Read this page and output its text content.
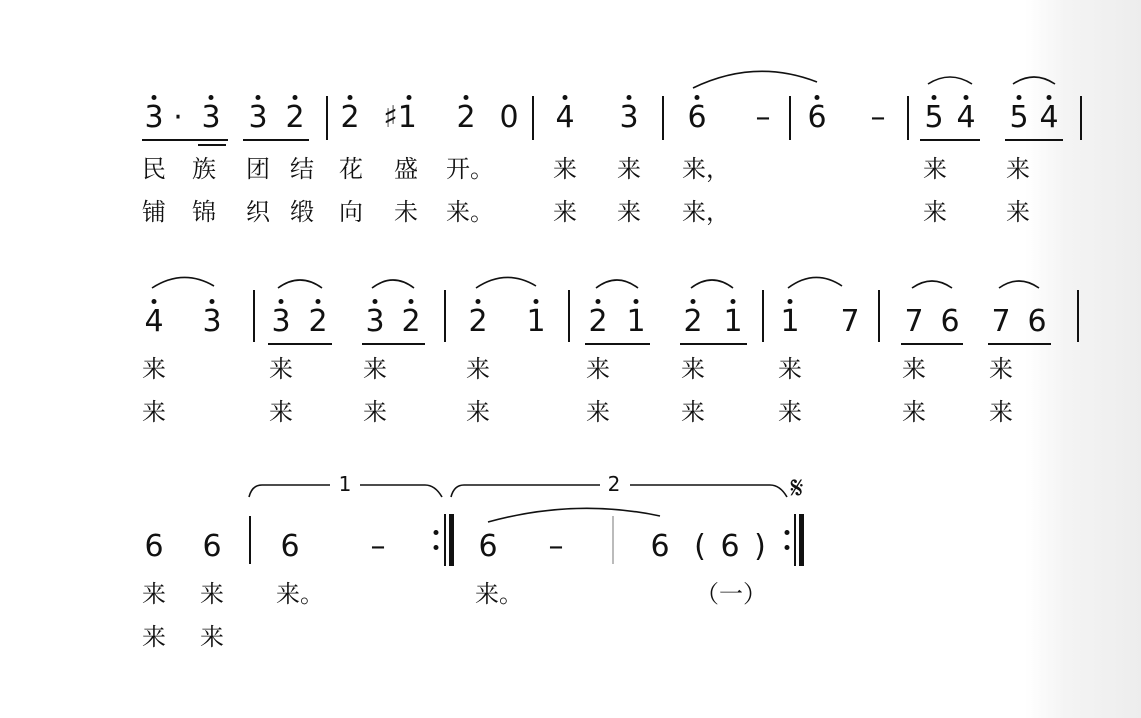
3 · 3 3 2 2 ♯1 2 0 4 3 6 – 6 – 5 4 5 4
民 族 团 结 花 盛 开。 来 来 来，	来 来
铺 锦 织 缎 向 未 来。 来 来 来，	来 来
4 3 3 2 3 2 2 1 2 1 2 1 1 7 7 6 7 6
来	来	来	来	来	来	来	来	来
来	来	来	来	来	来	来	来	来
1	2	𝄋
6 6 6 –	6 –	6 ( 6 )
来 来 来。	来。	（一）
来 来
